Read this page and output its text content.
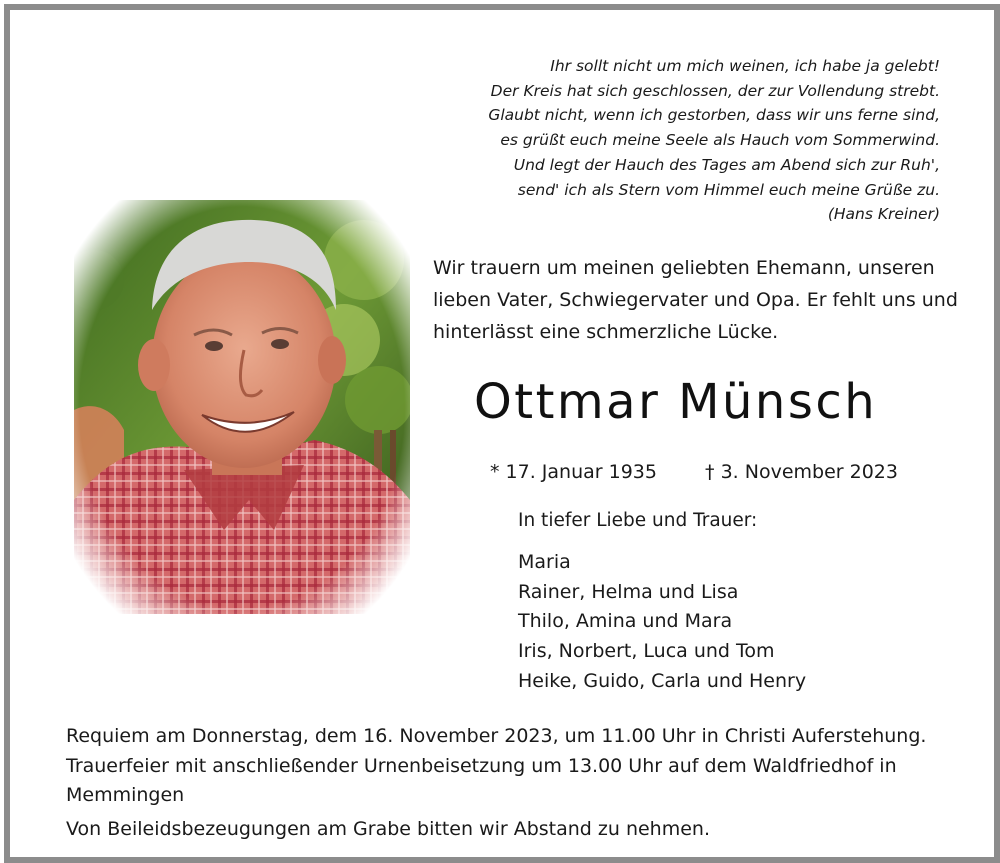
Ihr sollt nicht um mich weinen, ich habe ja gelebt!
Der Kreis hat sich geschlossen, der zur Vollendung strebt.
Glaubt nicht, wenn ich gestorben, dass wir uns ferne sind,
es grüßt euch meine Seele als Hauch vom Sommerwind.
Und legt der Hauch des Tages am Abend sich zur Ruh',
send' ich als Stern vom Himmel euch meine Grüße zu.
(Hans Kreiner)
Wir trauern um meinen geliebten Ehemann, unseren
lieben Vater, Schwiegervater und Opa. Er fehlt uns und
hinterlässt eine schmerzliche Lücke.
Ottmar Münsch
* 17. Januar 1935	† 3. November 2023
In tiefer Liebe und Trauer:
Maria
Rainer, Helma und Lisa
Thilo, Amina und Mara
Iris, Norbert, Luca und Tom
Heike, Guido, Carla und Henry
Requiem am Donnerstag, dem 16. November 2023, um 11.00 Uhr in Christi Auferstehung.
Trauerfeier mit anschließender Urnenbeisetzung um 13.00 Uhr auf dem Waldfriedhof in
Memmingen
Von Beileidsbezeugungen am Grabe bitten wir Abstand zu nehmen.
